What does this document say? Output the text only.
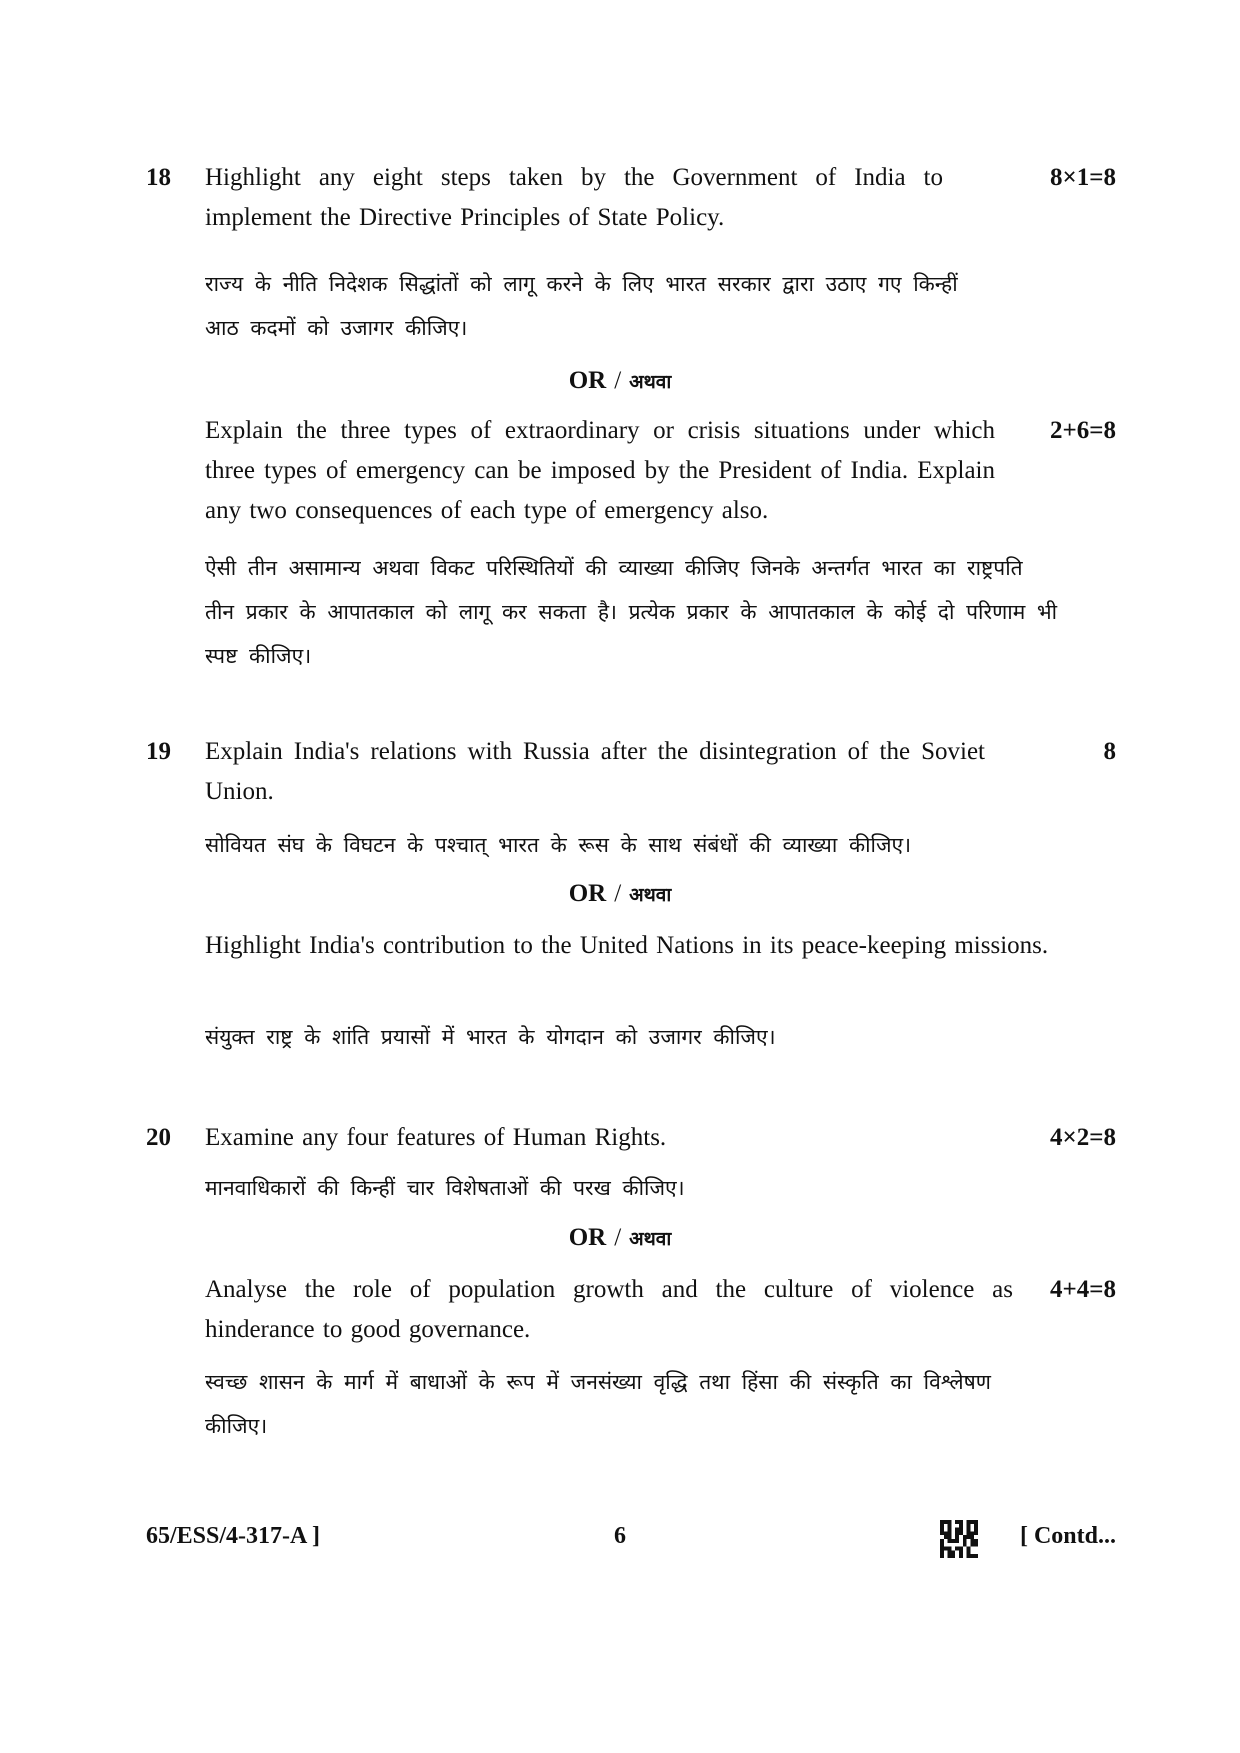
18	Highlight any eight steps taken by the Government of India to implement the Directive Principles of State Policy.
8×1=8
राज्य के नीति निदेशक सिद्धांतों को लागू करने के लिए भारत सरकार द्वारा उठाए गए किन्हीं आठ कदमों को उजागर कीजिए।
OR / अथवा
Explain the three types of extraordinary or crisis situations under which three types of emergency can be imposed by the President of India. Explain any two consequences of each type of emergency also.
2+6=8
ऐसी तीन असामान्य अथवा विकट परिस्थितियों की व्याख्या कीजिए जिनके अन्तर्गत भारत का राष्ट्रपति तीन प्रकार के आपातकाल को लागू कर सकता है। प्रत्येक प्रकार के आपातकाल के कोई दो परिणाम भी स्पष्ट कीजिए।
19	Explain India's relations with Russia after the disintegration of the Soviet Union.
8
सोवियत संघ के विघटन के पश्चात् भारत के रूस के साथ संबंधों की व्याख्या कीजिए।
OR / अथवा
Highlight India's contribution to the United Nations in its peace-keeping missions.
संयुक्त राष्ट्र के शांति प्रयासों में भारत के योगदान को उजागर कीजिए।
20	Examine any four features of Human Rights.	4×2=8
मानवाधिकारों की किन्हीं चार विशेषताओं की परख कीजिए।
OR / अथवा
Analyse the role of population growth and the culture of violence as hinderance to good governance.
4+4=8
स्वच्छ शासन के मार्ग में बाधाओं के रूप में जनसंख्या वृद्धि तथा हिंसा की संस्कृति का विश्लेषण कीजिए।
65/ESS/4-317-A ]	6	[ Contd...
